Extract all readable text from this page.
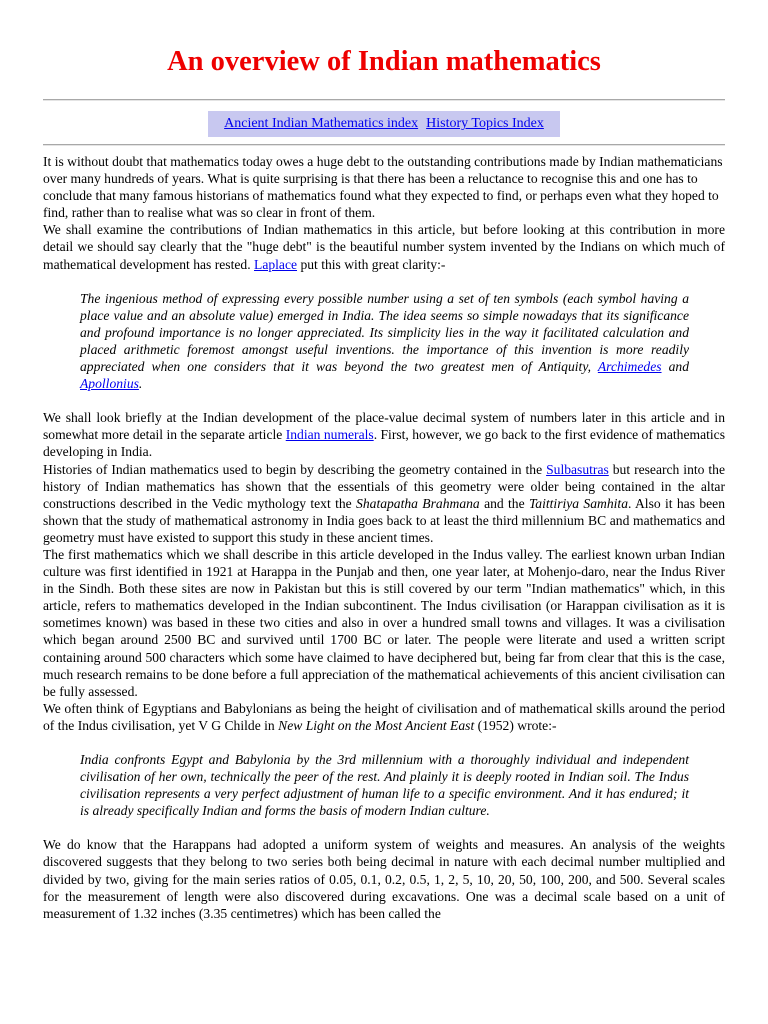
An overview of Indian mathematics
Ancient Indian Mathematics index History Topics Index

It is without doubt that mathematics today owes a huge debt to the outstanding contributions made by Indian mathematicians over many hundreds of years. What is quite surprising is that there has been a reluctance to recognise this and one has to conclude that many famous historians of mathematics found what they expected to find, or perhaps even what they hoped to find, rather than to realise what was so clear in front of them.

We shall examine the contributions of Indian mathematics in this article, but before looking at this contribution in more detail we should say clearly that the "huge debt" is the beautiful number system invented by the Indians on which much of mathematical development has rested. Laplace put this with great clarity:-

The ingenious method of expressing every possible number using a set of ten symbols (each symbol having a place value and an absolute value) emerged in India. The idea seems so simple nowadays that its significance and profound importance is no longer appreciated. Its simplicity lies in the way it facilitated calculation and placed arithmetic foremost amongst useful inventions. the importance of this invention is more readily appreciated when one considers that it was beyond the two greatest men of Antiquity, Archimedes and Apollonius.

We shall look briefly at the Indian development of the place-value decimal system of numbers later in this article and in somewhat more detail in the separate article Indian numerals. First, however, we go back to the first evidence of mathematics developing in India.

Histories of Indian mathematics used to begin by describing the geometry contained in the Sulbasutras but research into the history of Indian mathematics has shown that the essentials of this geometry were older being contained in the altar constructions described in the Vedic mythology text the Shatapatha Brahmana and the Taittiriya Samhita. Also it has been shown that the study of mathematical astronomy in India goes back to at least the third millennium BC and mathematics and geometry must have existed to support this study in these ancient times.

The first mathematics which we shall describe in this article developed in the Indus valley. The earliest known urban Indian culture was first identified in 1921 at Harappa in the Punjab and then, one year later, at Mohenjo-daro, near the Indus River in the Sindh. Both these sites are now in Pakistan but this is still covered by our term "Indian mathematics" which, in this article, refers to mathematics developed in the Indian subcontinent. The Indus civilisation (or Harappan civilisation as it is sometimes known) was based in these two cities and also in over a hundred small towns and villages. It was a civilisation which began around 2500 BC and survived until 1700 BC or later. The people were literate and used a written script containing around 500 characters which some have claimed to have deciphered but, being far from clear that this is the case, much research remains to be done before a full appreciation of the mathematical achievements of this ancient civilisation can be fully assessed.

We often think of Egyptians and Babylonians as being the height of civilisation and of mathematical skills around the period of the Indus civilisation, yet V G Childe in New Light on the Most Ancient East (1952) wrote:-

India confronts Egypt and Babylonia by the 3rd millennium with a thoroughly individual and independent civilisation of her own, technically the peer of the rest. And plainly it is deeply rooted in Indian soil. The Indus civilisation represents a very perfect adjustment of human life to a specific environment. And it has endured; it is already specifically Indian and forms the basis of modern Indian culture.

We do know that the Harappans had adopted a uniform system of weights and measures. An analysis of the weights discovered suggests that they belong to two series both being decimal in nature with each decimal number multiplied and divided by two, giving for the main series ratios of 0.05, 0.1, 0.2, 0.5, 1, 2, 5, 10, 20, 50, 100, 200, and 500. Several scales for the measurement of length were also discovered during excavations. One was a decimal scale based on a unit of measurement of 1.32 inches (3.35 centimetres) which has been called the
